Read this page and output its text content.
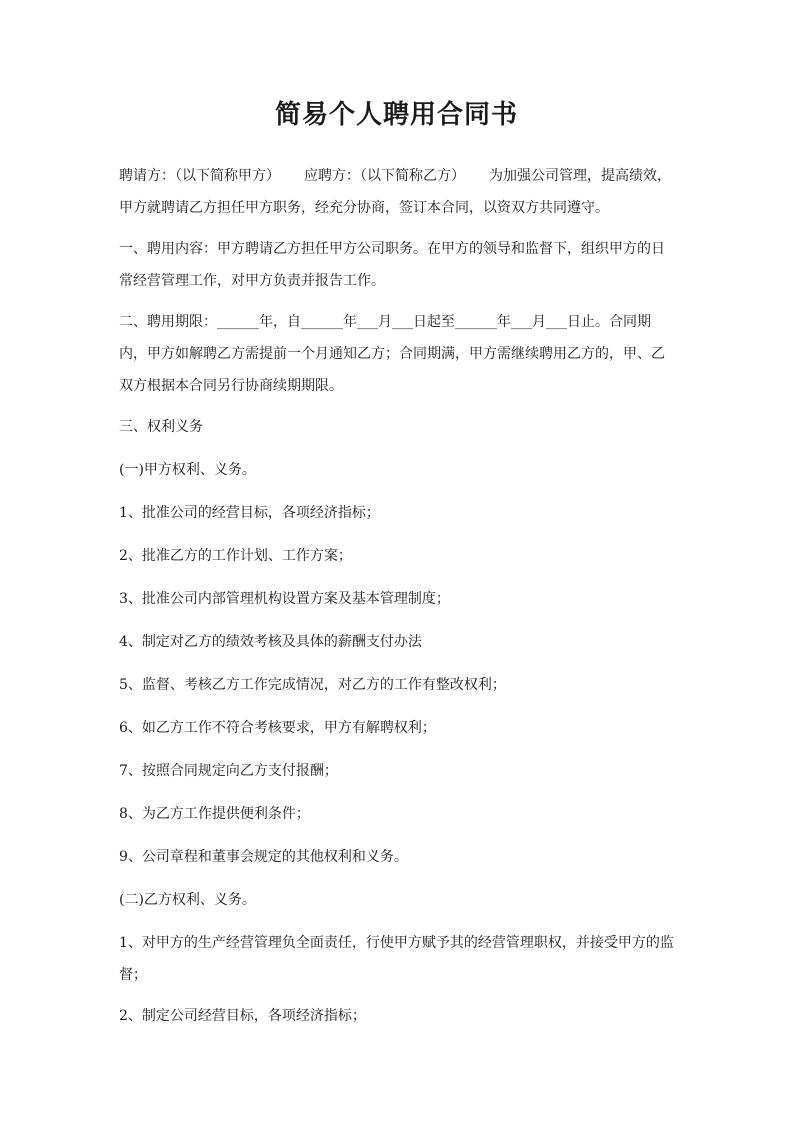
简易个人聘用合同书

聘请方：（以下简称甲方） 应聘方：（以下简称乙方） 为加强公司管理，提高绩效，甲方就聘请乙方担任甲方职务，经充分协商，签订本合同，以资双方共同遵守。

一、聘用内容：甲方聘请乙方担任甲方公司职务。在甲方的领导和监督下，组织甲方的日常经营管理工作，对甲方负责并报告工作。

二、聘用期限：______年，自______年___月___日起至______年___月___日止。合同期内，甲方如解聘乙方需提前一个月通知乙方；合同期满，甲方需继续聘用乙方的，甲、乙双方根据本合同另行协商续期期限。

三、权利义务

(一)甲方权利、义务。

1、批准公司的经营目标，各项经济指标；

2、批准乙方的工作计划、工作方案；

3、批准公司内部管理机构设置方案及基本管理制度；

4、制定对乙方的绩效考核及具体的薪酬支付办法

5、监督、考核乙方工作完成情况，对乙方的工作有整改权利；

6、如乙方工作不符合考核要求，甲方有解聘权利；

7、按照合同规定向乙方支付报酬；

8、为乙方工作提供便利条件；

9、公司章程和董事会规定的其他权利和义务。

(二)乙方权利、义务。

1、对甲方的生产经营管理负全面责任，行使甲方赋予其的经营管理职权，并接受甲方的监督；

2、制定公司经营目标，各项经济指标；
